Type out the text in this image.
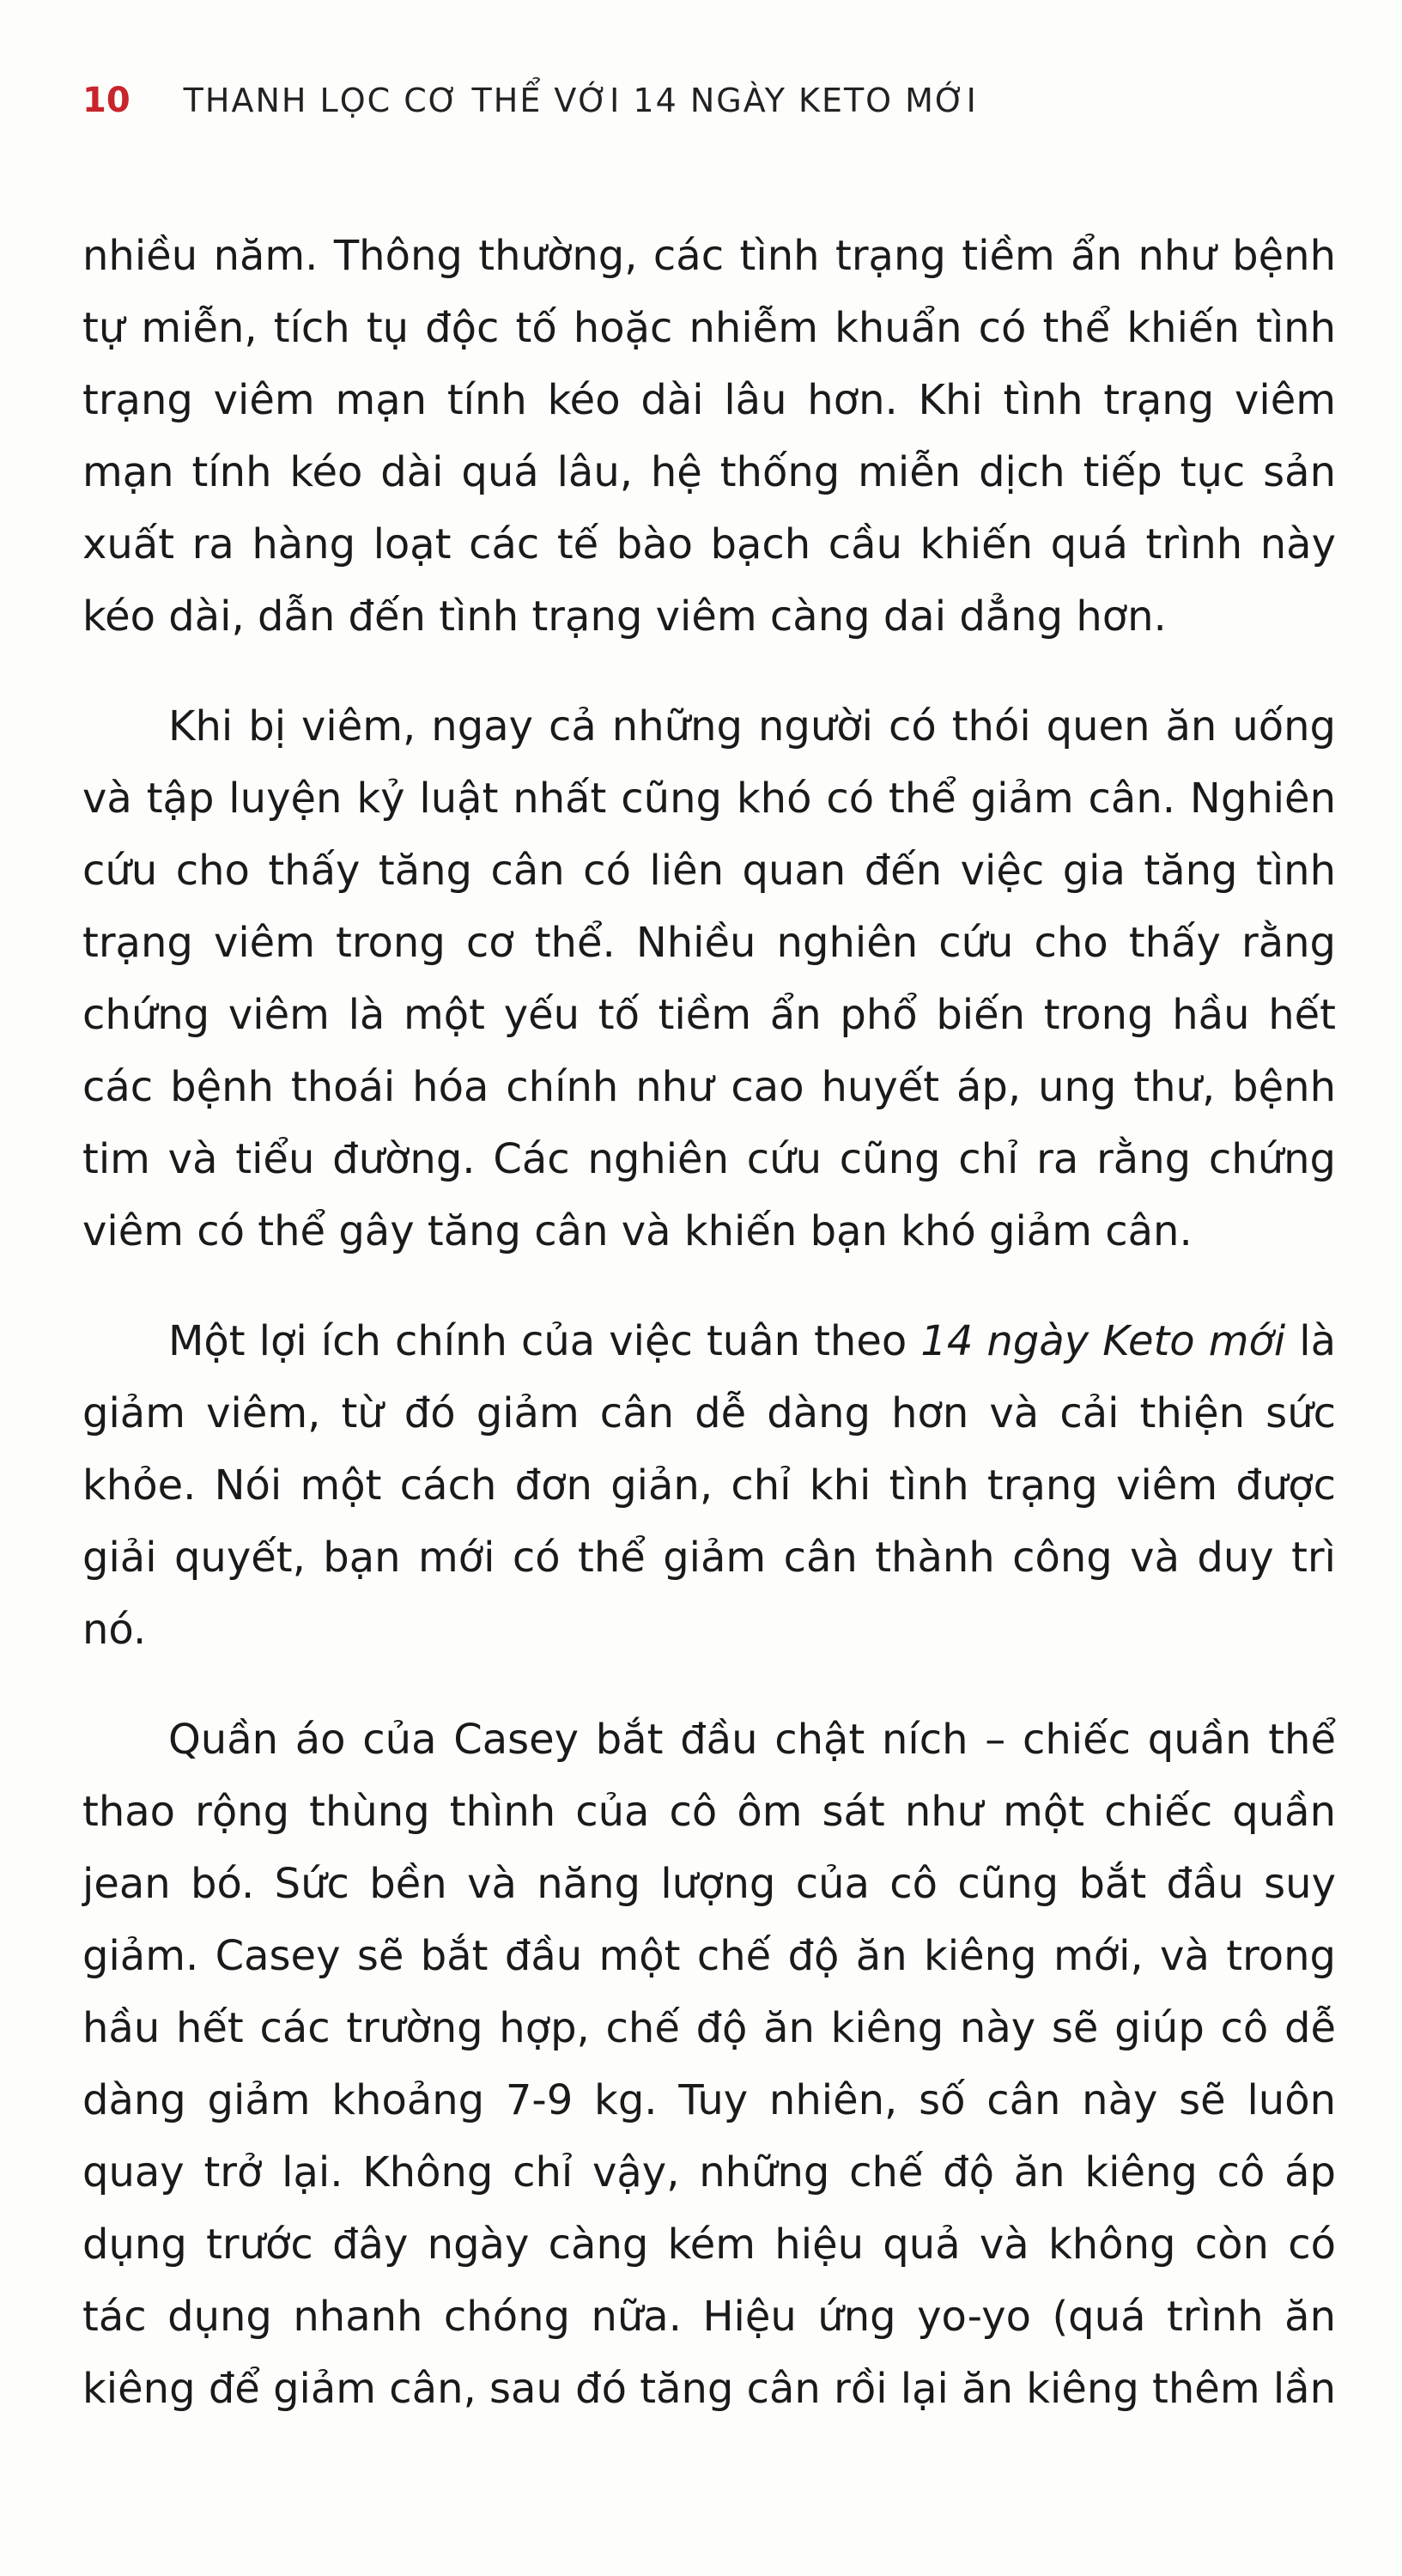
10 THANH LỌC CƠ THỂ VỚI 14 NGÀY KETO MỚI

nhiều năm. Thông thường, các tình trạng tiềm ẩn như bệnh tự miễn, tích tụ độc tố hoặc nhiễm khuẩn có thể khiến tình trạng viêm mạn tính kéo dài lâu hơn. Khi tình trạng viêm mạn tính kéo dài quá lâu, hệ thống miễn dịch tiếp tục sản xuất ra hàng loạt các tế bào bạch cầu khiến quá trình này kéo dài, dẫn đến tình trạng viêm càng dai dẳng hơn.

Khi bị viêm, ngay cả những người có thói quen ăn uống và tập luyện kỷ luật nhất cũng khó có thể giảm cân. Nghiên cứu cho thấy tăng cân có liên quan đến việc gia tăng tình trạng viêm trong cơ thể. Nhiều nghiên cứu cho thấy rằng chứng viêm là một yếu tố tiềm ẩn phổ biến trong hầu hết các bệnh thoái hóa chính như cao huyết áp, ung thư, bệnh tim và tiểu đường. Các nghiên cứu cũng chỉ ra rằng chứng viêm có thể gây tăng cân và khiến bạn khó giảm cân.

Một lợi ích chính của việc tuân theo 14 ngày Keto mới là giảm viêm, từ đó giảm cân dễ dàng hơn và cải thiện sức khỏe. Nói một cách đơn giản, chỉ khi tình trạng viêm được giải quyết, bạn mới có thể giảm cân thành công và duy trì nó.

Quần áo của Casey bắt đầu chật ních – chiếc quần thể thao rộng thùng thình của cô ôm sát như một chiếc quần jean bó. Sức bền và năng lượng của cô cũng bắt đầu suy giảm. Casey sẽ bắt đầu một chế độ ăn kiêng mới, và trong hầu hết các trường hợp, chế độ ăn kiêng này sẽ giúp cô dễ dàng giảm khoảng 7-9 kg. Tuy nhiên, số cân này sẽ luôn quay trở lại. Không chỉ vậy, những chế độ ăn kiêng cô áp dụng trước đây ngày càng kém hiệu quả và không còn có tác dụng nhanh chóng nữa. Hiệu ứng yo-yo (quá trình ăn kiêng để giảm cân, sau đó tăng cân rồi lại ăn kiêng thêm lần
